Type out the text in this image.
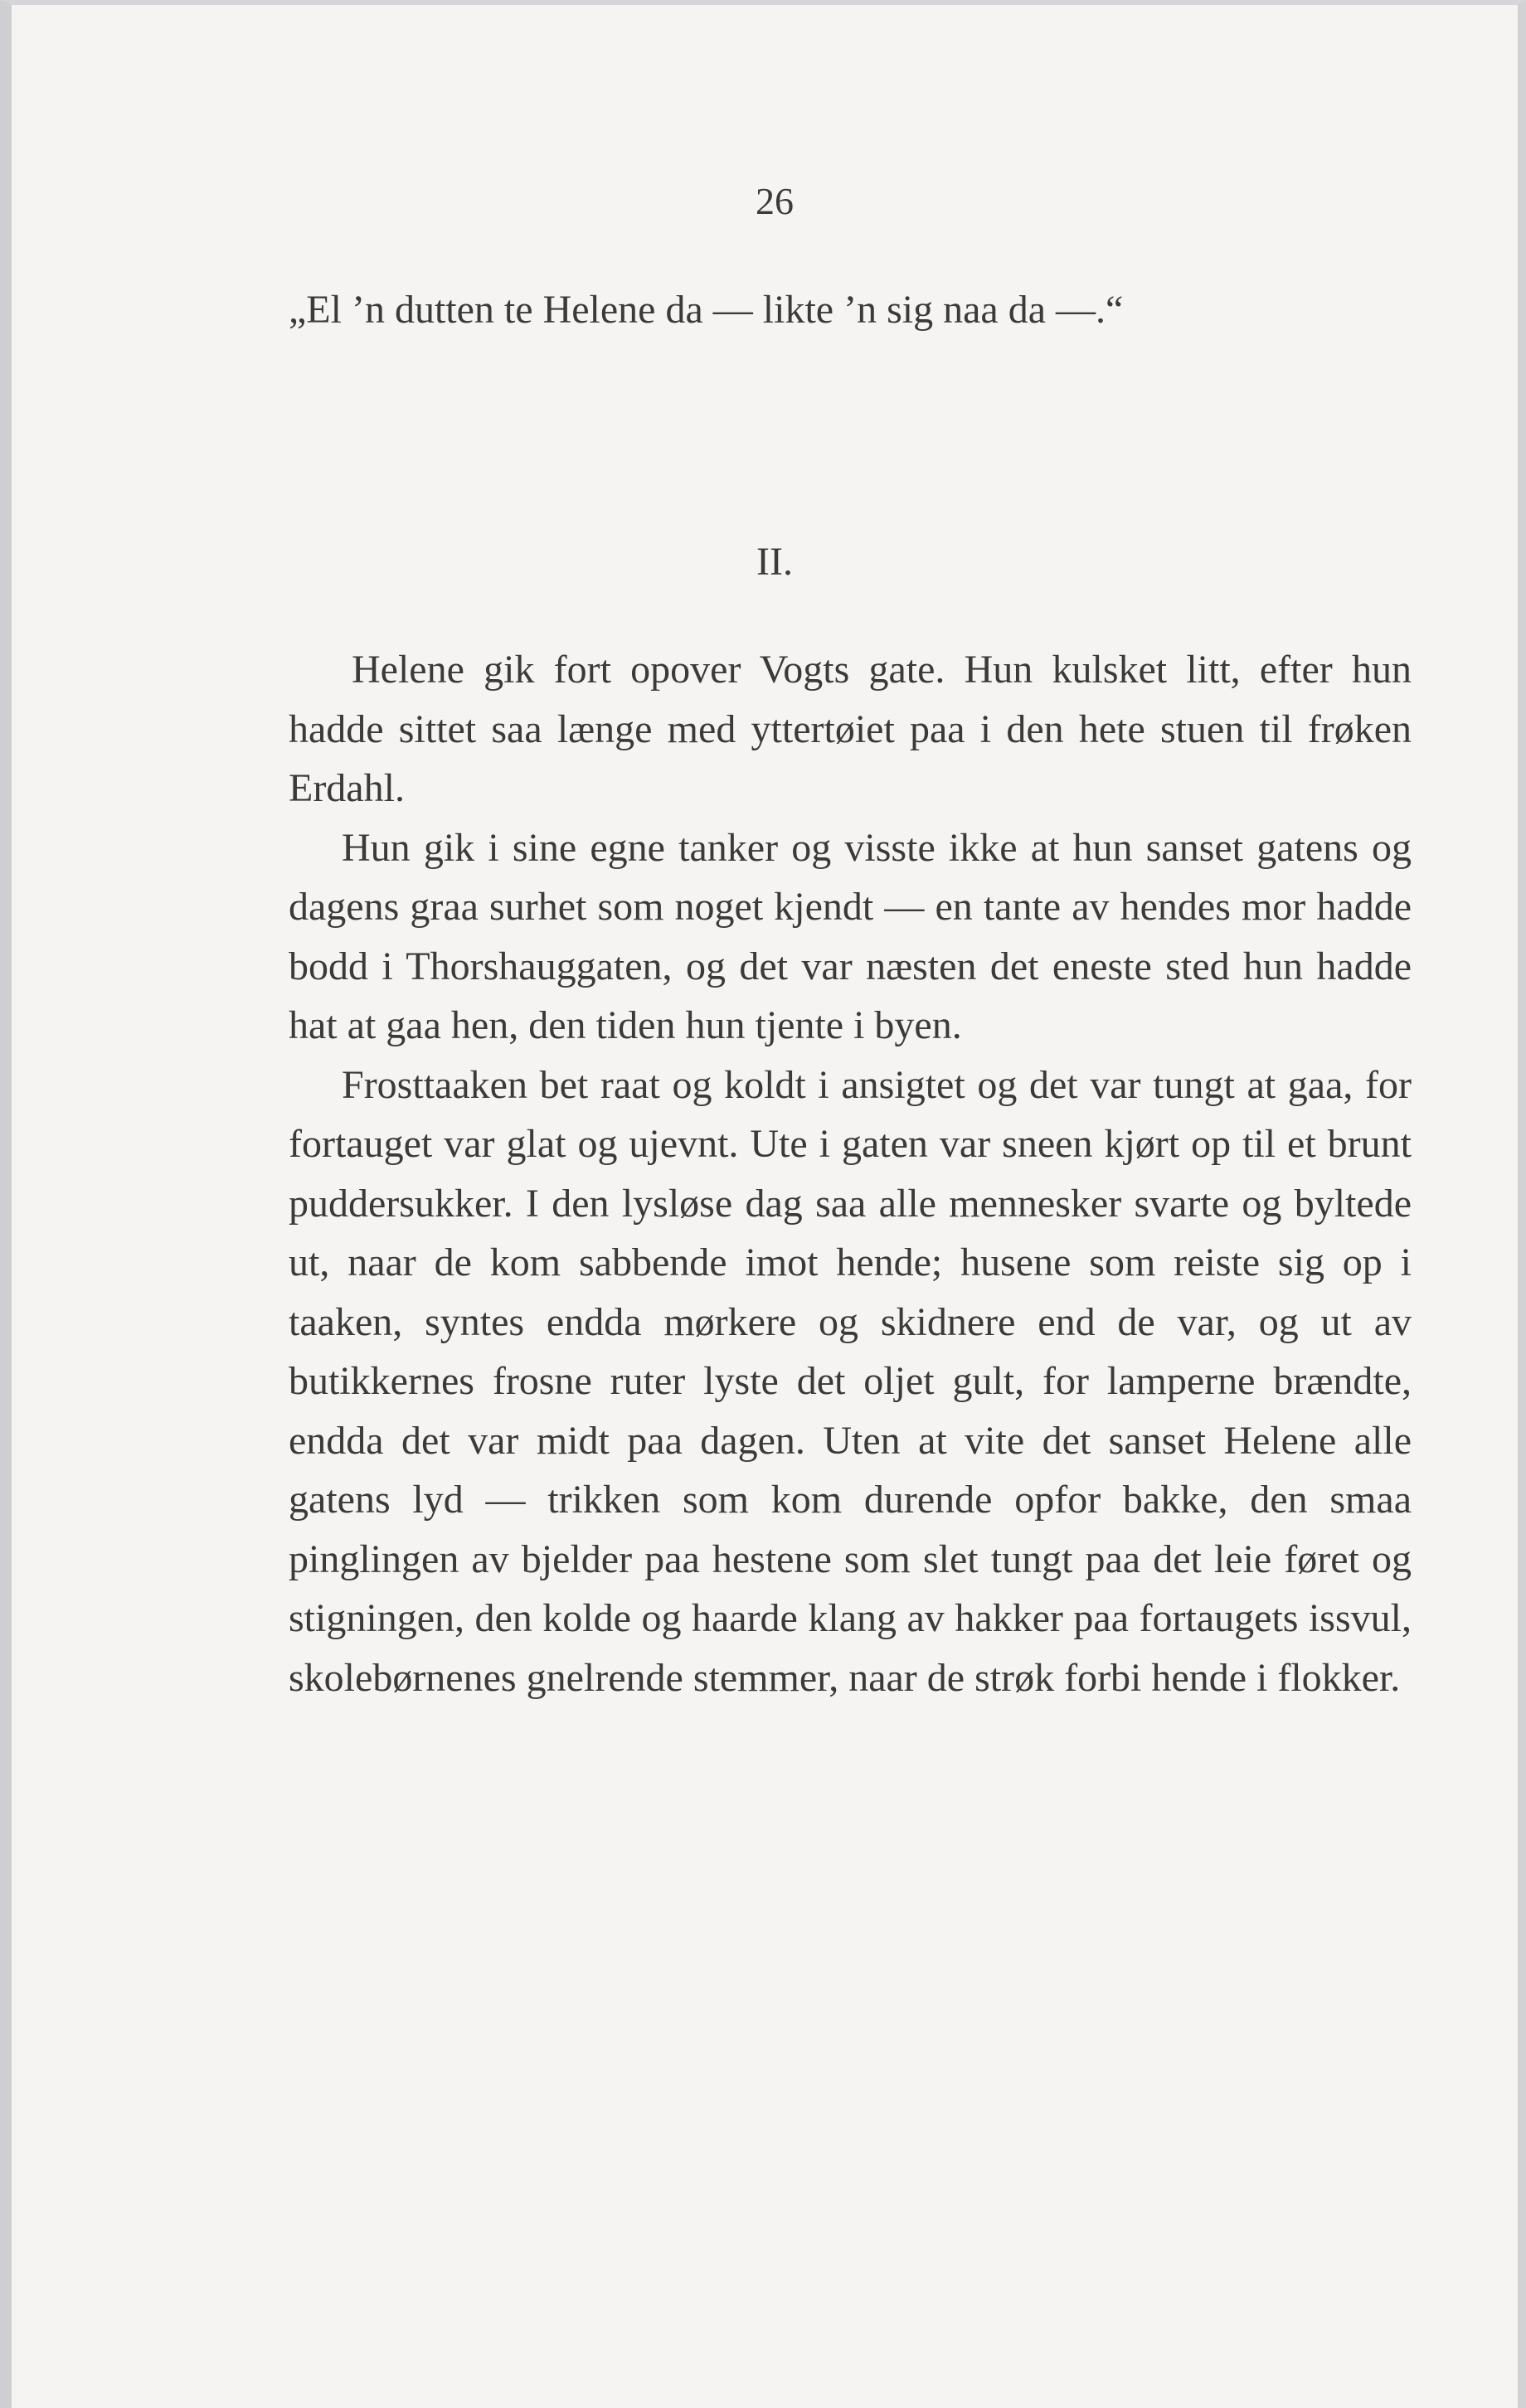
26
„El ’n dutten te Helene da — likte ’n sig naa da —.“
II.

Helene gik fort opover Vogts gate. Hun kulsket litt, efter hun hadde sittet saa længe med yttertøiet paa i den hete stuen til frøken Erdahl.

Hun gik i sine egne tanker og visste ikke at hun sanset gatens og dagens graa surhet som noget kjendt — en tante av hendes mor hadde bodd i Thorshauggaten, og det var næsten det eneste sted hun hadde hat at gaa hen, den tiden hun tjente i byen.

Frosttaaken bet raat og koldt i ansigtet og det var tungt at gaa, for fortauget var glat og ujevnt. Ute i gaten var sneen kjørt op til et brunt puddersukker. I den lysløse dag saa alle mennesker svarte og byltede ut, naar de kom sabbende imot hende; husene som reiste sig op i taaken, syntes endda mørkere og skidnere end de var, og ut av butikkernes frosne ruter lyste det oljet gult, for lamperne brændte, endda det var midt paa dagen. Uten at vite det sanset Helene alle gatens lyd — trikken som kom durende opfor bakke, den smaa pinglingen av bjelder paa hestene som slet tungt paa det leie føret og stigningen, den kolde og haarde klang av hakker paa fortaugets issvul, skolebørnenes gnelrende stemmer, naar de strøk forbi hende i flokker.
